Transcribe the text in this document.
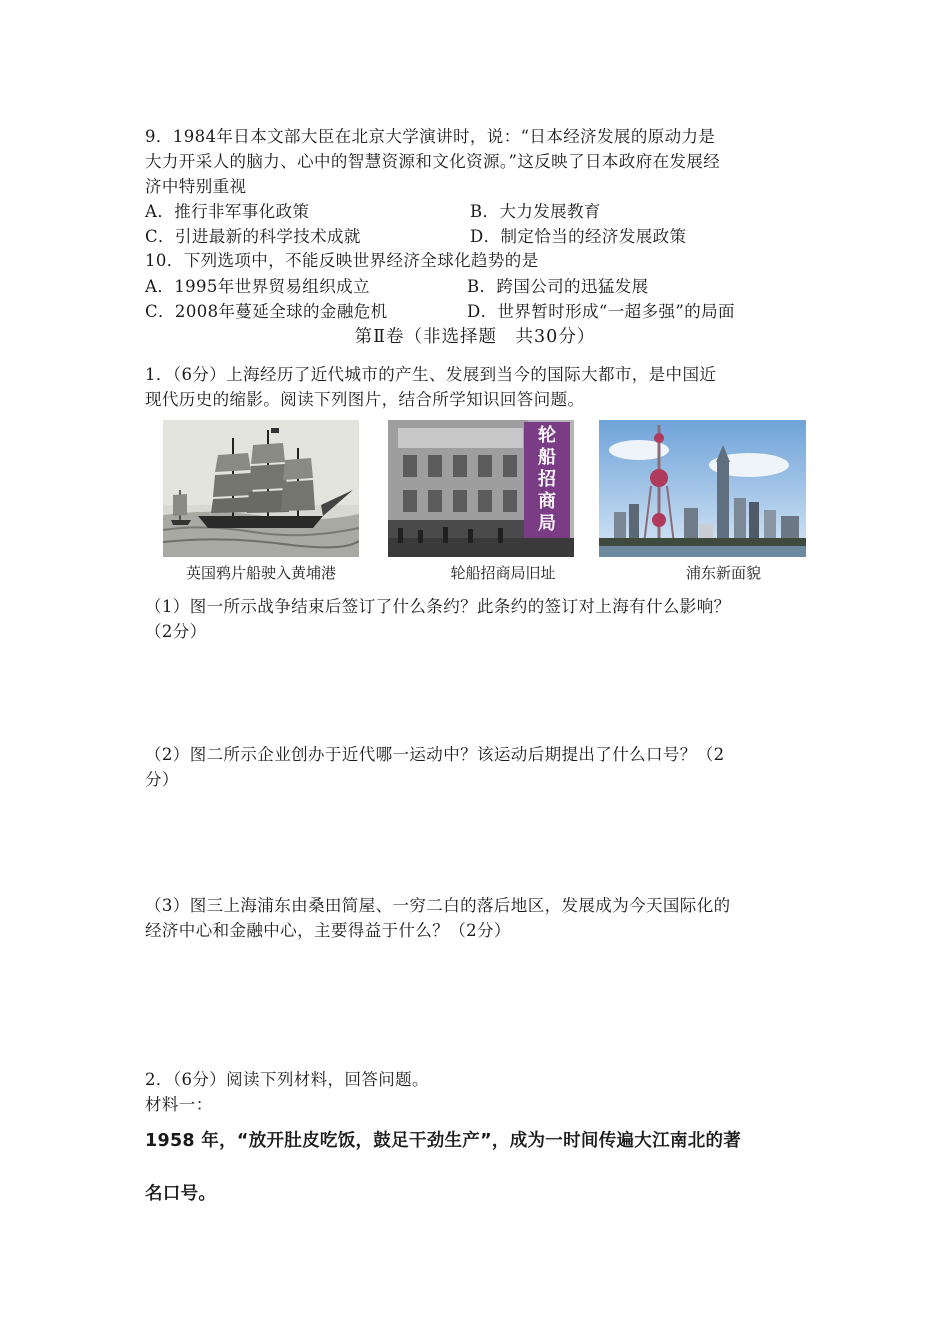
9．1984年日本文部大臣在北京大学演讲时，说：“日本经济发展的原动力是
大力开采人的脑力、心中的智慧资源和文化资源。”这反映了日本政府在发展经
济中特别重视
A．推行非军事化政策	B．大力发展教育
C．引进最新的科学技术成就	D．制定恰当的经济发展政策
10．下列选项中，不能反映世界经济全球化趋势的是
A．1995年世界贸易组织成立	B．跨国公司的迅猛发展
C．2008年蔓延全球的金融危机	D．世界暂时形成“一超多强”的局面
第Ⅱ卷（非选择题　共30分）
1．（6分）上海经历了近代城市的产生、发展到当今的国际大都市，是中国近
现代历史的缩影。阅读下列图片，结合所学知识回答问题。
轮
船
招
商
局
英国鸦片船驶入黄埔港	轮船招商局旧址	浦东新面貌
（1）图一所示战争结束后签订了什么条约？此条约的签订对上海有什么影响？
（2分）
（2）图二所示企业创办于近代哪一运动中？该运动后期提出了什么口号？（2
分）
（3）图三上海浦东由桑田简屋、一穷二白的落后地区，发展成为今天国际化的
经济中心和金融中心，主要得益于什么？（2分）
2．（6分）阅读下列材料，回答问题。
材料一：
1958 年，“放开肚皮吃饭，鼓足干劲生产”，成为一时间传遍大江南北的著
名口号。
